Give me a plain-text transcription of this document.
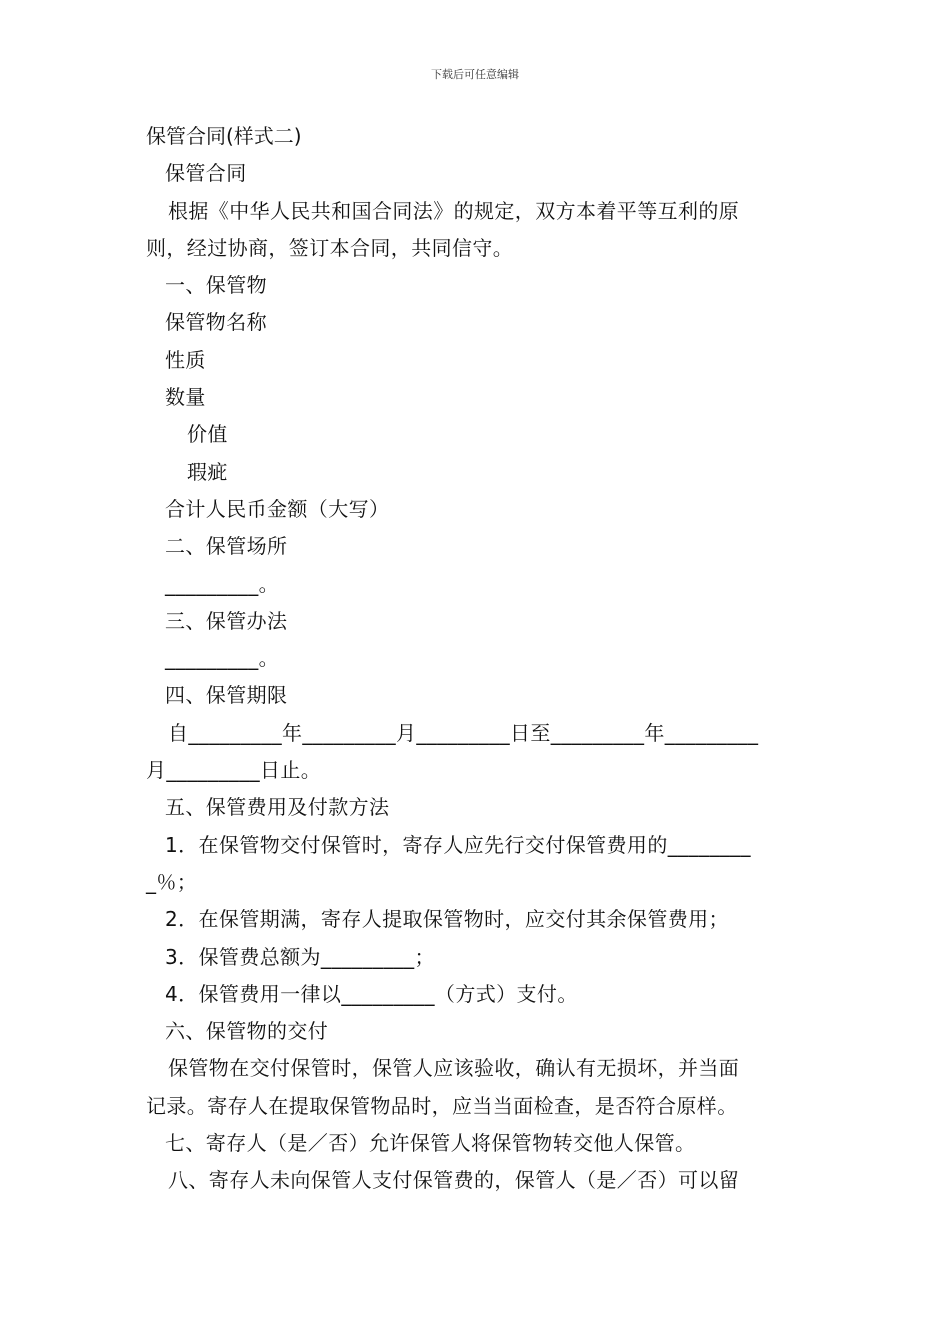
下载后可任意编辑
保管合同(样式二)
保管合同
根据《中华人民共和国合同法》的规定，双方本着平等互利的原
则，经过协商，签订本合同，共同信守。
一、保管物
保管物名称
性质
数量
价值
瑕疵
合计人民币金额（大写）
二、保管场所
_________。
三、保管办法
_________。
四、保管期限
自_________年_________月_________日至_________年_________
月_________日止。
五、保管费用及付款方法
1．在保管物交付保管时，寄存人应先行交付保管费用的________
_％；
2．在保管期满，寄存人提取保管物时，应交付其余保管费用；
3．保管费总额为_________；
4．保管费用一律以_________（方式）支付。
六、保管物的交付
保管物在交付保管时，保管人应该验收，确认有无损坏，并当面
记录。寄存人在提取保管物品时，应当当面检查，是否符合原样。
七、寄存人（是／否）允许保管人将保管物转交他人保管。
八、寄存人未向保管人支付保管费的，保管人（是／否）可以留
